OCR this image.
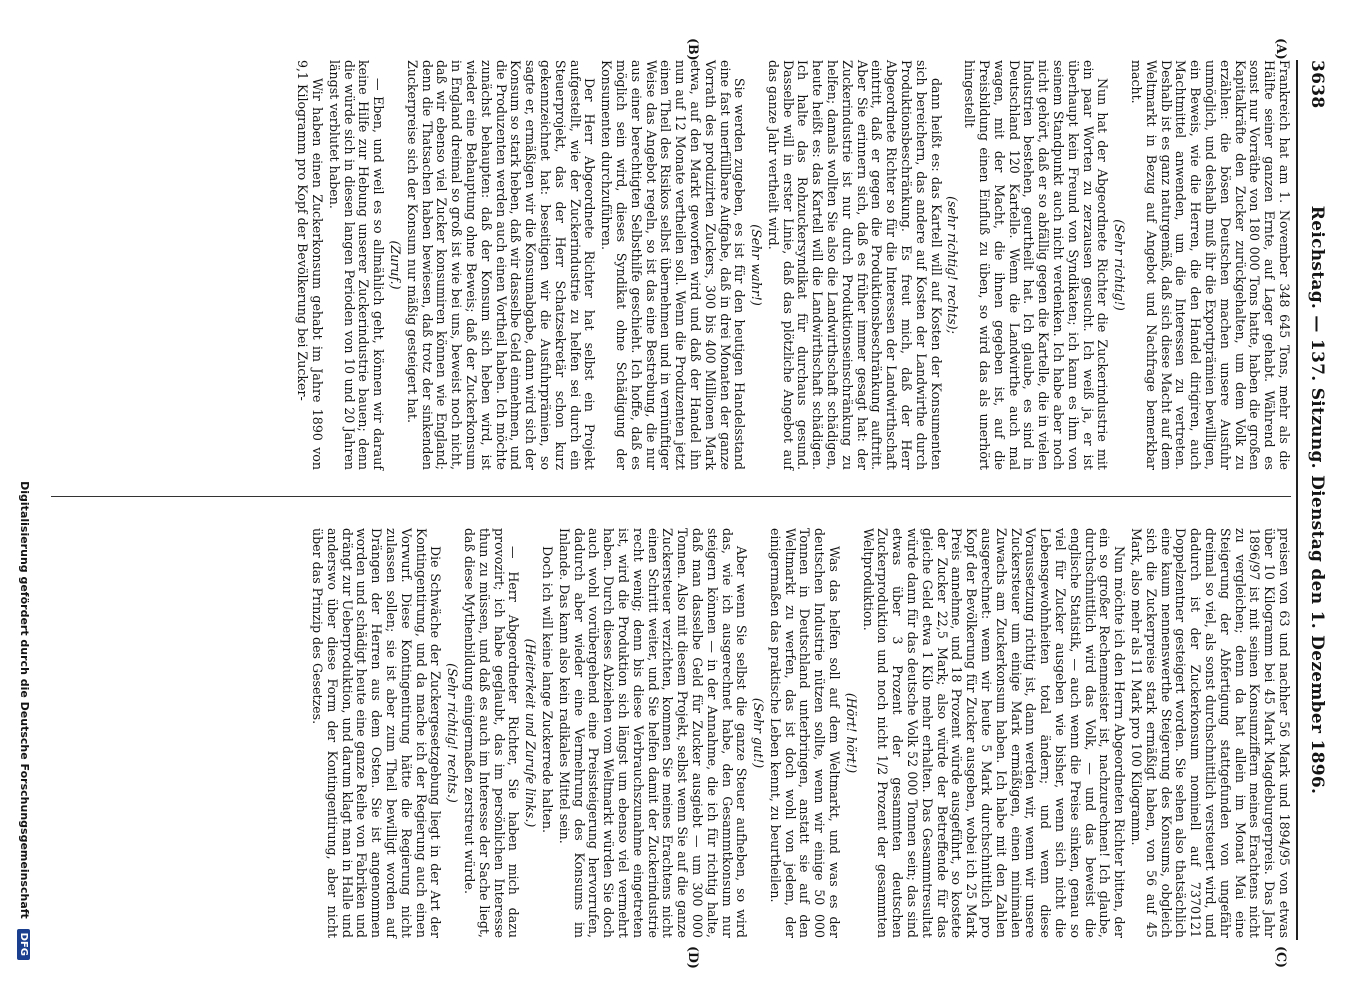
3638
Reichstag. — 137. Sitzung. Dienstag den 1. Dezember 1896.
(A)
(B)
(C)
(D)

Frankreich hat am 1. November 348 645 Tons, mehr als die Hälfte seiner ganzen Ernte, auf Lager gehabt. Während es sonst nur Vorräthe von 180 000 Tons hatte, haben die großen Kapitalkräfte den Zucker zurückgehalten, um dem Volk zu erzählen: die bösen Deutschen machen unsere Ausfuhr unmöglich, und deshalb muß ihr die Exportprämien bewilligen, ein Beweis, wie die Herren, die den Handel dirigiren, auch Machtmittel anwenden, um die Interessen zu vertreten. Deshalb ist es ganz naturgemäß, daß sich diese Macht auf dem Weltmarkt in Bezug auf Angebot und Nachfrage bemerkbar macht.

(Sehr richtig!)

Nun hat der Abgeordnete Richter die Zuckerindustrie mit ein paar Worten zu zerzausen gesucht. Ich weiß ja, er ist überhaupt kein Freund von Syndikaten; ich kann es ihm von seinem Standpunkt auch nicht verdenken. Ich habe aber noch nicht gehört, daß er so abfällig gegen die Kartelle, die in vielen Industrien bestehen, geurtheilt hat. Ich glaube, es sind in Deutschland 120 Kartelle. Wenn die Landwirthe auch mal wagen, mit der Macht, die ihnen gegeben ist, auf die Preisbildung einen Einfluß zu üben, so wird das als unerhört hingestellt

(sehr richtig! rechts);

dann heißt es: das Kartell will auf Kosten der Konsumenten sich bereichern, das andere auf Kosten der Landwirthe durch Produktionsbeschränkung. Es freut mich, daß der Herr Abgeordnete Richter so für die Interessen der Landwirthschaft eintritt, daß er gegen die Produktionsbeschränkung auftritt. Aber Sie erinnern sich, daß es früher immer gesagt hat: der Zuckerindustrie ist nur durch Produktionseinschränkung zu helfen; damals wollten Sie also die Landwirthschaft schädigen, heute heißt es: das Kartell will die Landwirthschaft schädigen. Ich halte das Rohzuckersyndikat für durchaus gesund. Dasselbe will in erster Linie, daß das plötzliche Angebot auf das ganze Jahr vertheilt wird.

(Sehr wahr!)

Sie werden zugeben, es ist für den heutigen Handelsstand eine fast unerfüllbare Aufgabe, daß in drei Monaten der ganze Vorrath des produzirten Zuckers, 300 bis 400 Millionen Mark etwa, auf den Markt geworfen wird und daß der Handel ihn nun auf 12 Monate vertheilen soll. Wenn die Produzenten jetzt einen Theil des Risikos selbst übernehmen und in vernünftiger Weise das Angebot regeln, so ist das eine Bestrebung, die nur aus einer berechtigten Selbsthilfe geschieht. Ich hoffe, daß es möglich sein wird, dieses Syndikat ohne Schädigung der Konsumenten durchzuführen.

Der Herr Abgeordnete Richter hat selbst ein Projekt aufgestellt, wie der Zuckerindustrie zu helfen sei durch ein Steuerprojekt, das der Herr Schatzsekretär schon kurz gekennzeichnet hat: beseitigen wir die Ausfuhrprämien, so sagte er, ermäßigen wir die Konsumabgabe, dann wird sich der Konsum so stark heben, daß wir dasselbe Geld einnehmen, und die Produzenten werden auch einen Vortheil haben. Ich möchte zunächst behaupten: daß der Konsum sich heben wird, ist wieder eine Behauptung ohne Beweis; daß der Zuckerkonsum in England dreimal so groß ist wie bei uns, beweist noch nicht, daß wir ebenso viel Zucker konsumiren können wie England; denn die Thatsachen haben bewiesen, daß trotz der sinkenden Zuckerpreise sich der Konsum nur mäßig gesteigert hat.

(Zuruf.)

— Eben, und weil es so allmählich geht, können wir darauf keine Hilfe zur Hebung unserer Zuckerindustrie bauen; denn die würde sich in diesen langen Perioden von 10 und 20 Jahren längst verblutet haben.

Wir haben einen Zuckerkonsum gehabt im Jahre 1890 von 9,1 Kilogramm pro Kopf der Bevölkerung bei Zucker-

preisen von 63 und nachher 56 Mark und 1894/95 von etwas über 10 Kilogramm bei 45 Mark Magdeburgerpreis. Das Jahr 1896/97 ist mit seinen Konsumziffern meines Erachtens nicht zu vergleichen; denn da hat allein im Monat Mai eine Steigerung der Abfertigung stattgefunden von ungefähr dreimal so viel, als sonst durchschnittlich versteuert wird, und dadurch ist der Zuckerkonsum nominell auf 7370121 Doppelzentner gesteigert worden. Sie sehen also thatsächlich eine kaum nennenswerthe Steigerung des Konsums, obgleich sich die Zuckerpreise stark ermäßigt haben, von 56 auf 45 Mark, also mehr als 11 Mark pro 100 Kilogramm.

Nun möchte ich den Herrn Abgeordneten Richter bitten, der ein so großer Rechenmeister ist, nachzurechnen! Ich glaube, durchschnittlich wird das Volk, — und das beweist die englische Statistik, — auch wenn die Preise sinken, genau so viel für Zucker ausgeben wie bisher, wenn sich nicht die Lebensgewohnheiten total ändern; und wenn diese Voraussetzung richtig ist, dann werden wir, wenn wir unsere Zuckersteuer um einige Mark ermäßigen, einen minimalen Zuwachs am Zuckerkonsum haben. Ich habe mit den Zahlen ausgerechnet: wenn wir heute 5 Mark durchschnittlich pro Kopf der Bevölkerung für Zucker ausgeben, wobei ich 25 Mark Preis annehme, und 18 Prozent würde ausgeführt, so kostete der Zucker 22,5 Mark; also würde der Betreffende für das gleiche Geld etwa 1 Kilo mehr erhalten. Das Gesammtresultat würde dann für das deutsche Volk 52 000 Tonnen sein; das sind etwas über 3 Prozent der gesammten deutschen Zuckerproduktion und noch nicht 1/2 Prozent der gesammten Weltproduktion.

(Hört! hört!)

Was das helfen soll auf dem Weltmarkt, und was es der deutschen Industrie nützen sollte, wenn wir einige 50 000 Tonnen in Deutschland unterbringen, anstatt sie auf den Weltmarkt zu werfen, das ist doch wohl von jedem, der einigermaßen das praktische Leben kennt, zu beurtheilen.

(Sehr gut!)

Aber wenn Sie selbst die ganze Steuer aufheben, so wird das, wie ich ausgerechnet habe, den Gesammtkonsum nur steigern können — in der Annahme, die ich für richtig halte, daß man dasselbe Geld für Zucker ausgiebt — um 300 000 Tonnen. Also mit diesem Projekt, selbst wenn Sie auf die ganze Zuckersteuer verzichten, kommen Sie meines Erachtens nicht einen Schritt weiter, und Sie helfen damit der Zuckerindustrie recht wenig; denn bis diese Verbrauchszunahme eingetreten ist, wird die Produktion sich längst um ebenso viel vermehrt haben. Durch dieses Abziehen vom Weltmarkt würden Sie doch auch wohl vorübergehend eine Preissteigerung hervorrufen, dadurch aber wieder eine Vermehrung des Konsums im Inlande. Das kann also kein radikales Mittel sein.

Doch ich will keine lange Zuckerrede halten.

(Heiterkeit und Zurufe links.)

— Herr Abgeordneter Richter, Sie haben mich dazu provozirt; ich habe geglaubt, das im persönlichen Interesse thun zu müssen, und daß es auch im Interesse der Sache liegt, daß diese Mythenbildung einigermaßen zerstreut würde.

(Sehr richtig! rechts.)

Die Schwäche der Zuckergesetzgebung liegt in der Art der Kontingentirung, und da mache ich der Regierung auch einen Vorwurf. Diese Kontingentirung hätte die Regierung nicht zulassen sollen; sie ist aber zum Theil bewilligt worden auf Drängen der Herren aus dem Osten. Sie ist angenommen worden und schädigt heute eine ganze Reihe von Fabriken und drängt zur Ueberproduktion, und darum klagt man in Halle und anderswo über diese Form der Kontingentirung, aber nicht über das Prinzip des Gesetzes.

Digitalisierung gefördert durch die Deutsche Forschungsgemeinschaft DFG
